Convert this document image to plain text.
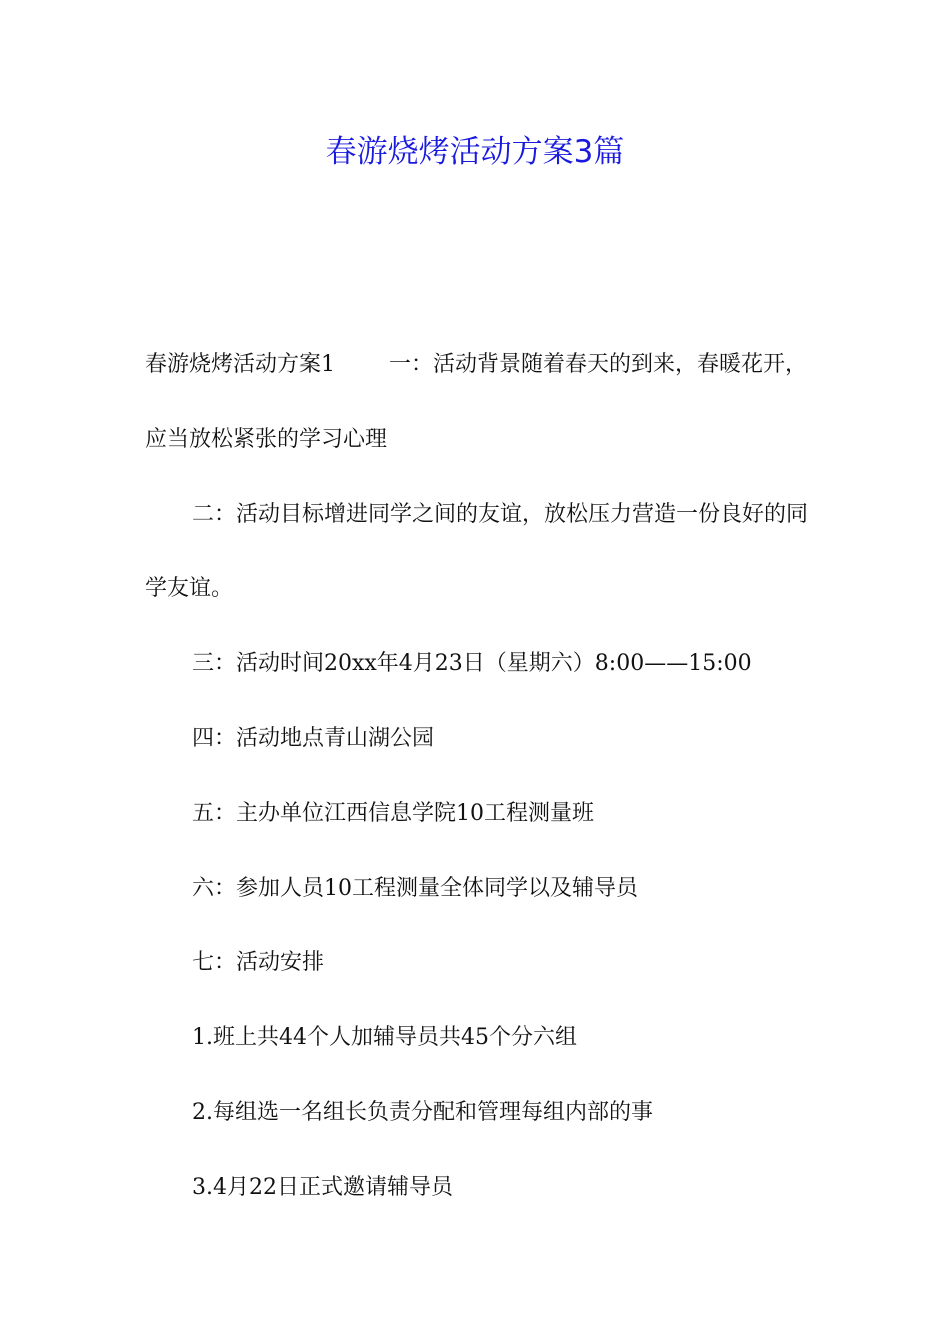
春游烧烤活动方案3篇

春游烧烤活动方案1 一：活动背景随着春天的到来，春暖花开，应当放松紧张的学习心理

二：活动目标增进同学之间的友谊，放松压力营造一份良好的同学友谊。

三：活动时间20xx年4月23日（星期六）8:00——15:00

四：活动地点青山湖公园

五：主办单位江西信息学院10工程测量班

六：参加人员10工程测量全体同学以及辅导员

七：活动安排

1.班上共44个人加辅导员共45个分六组

2.每组选一名组长负责分配和管理每组内部的事

3.4月22日正式邀请辅导员
